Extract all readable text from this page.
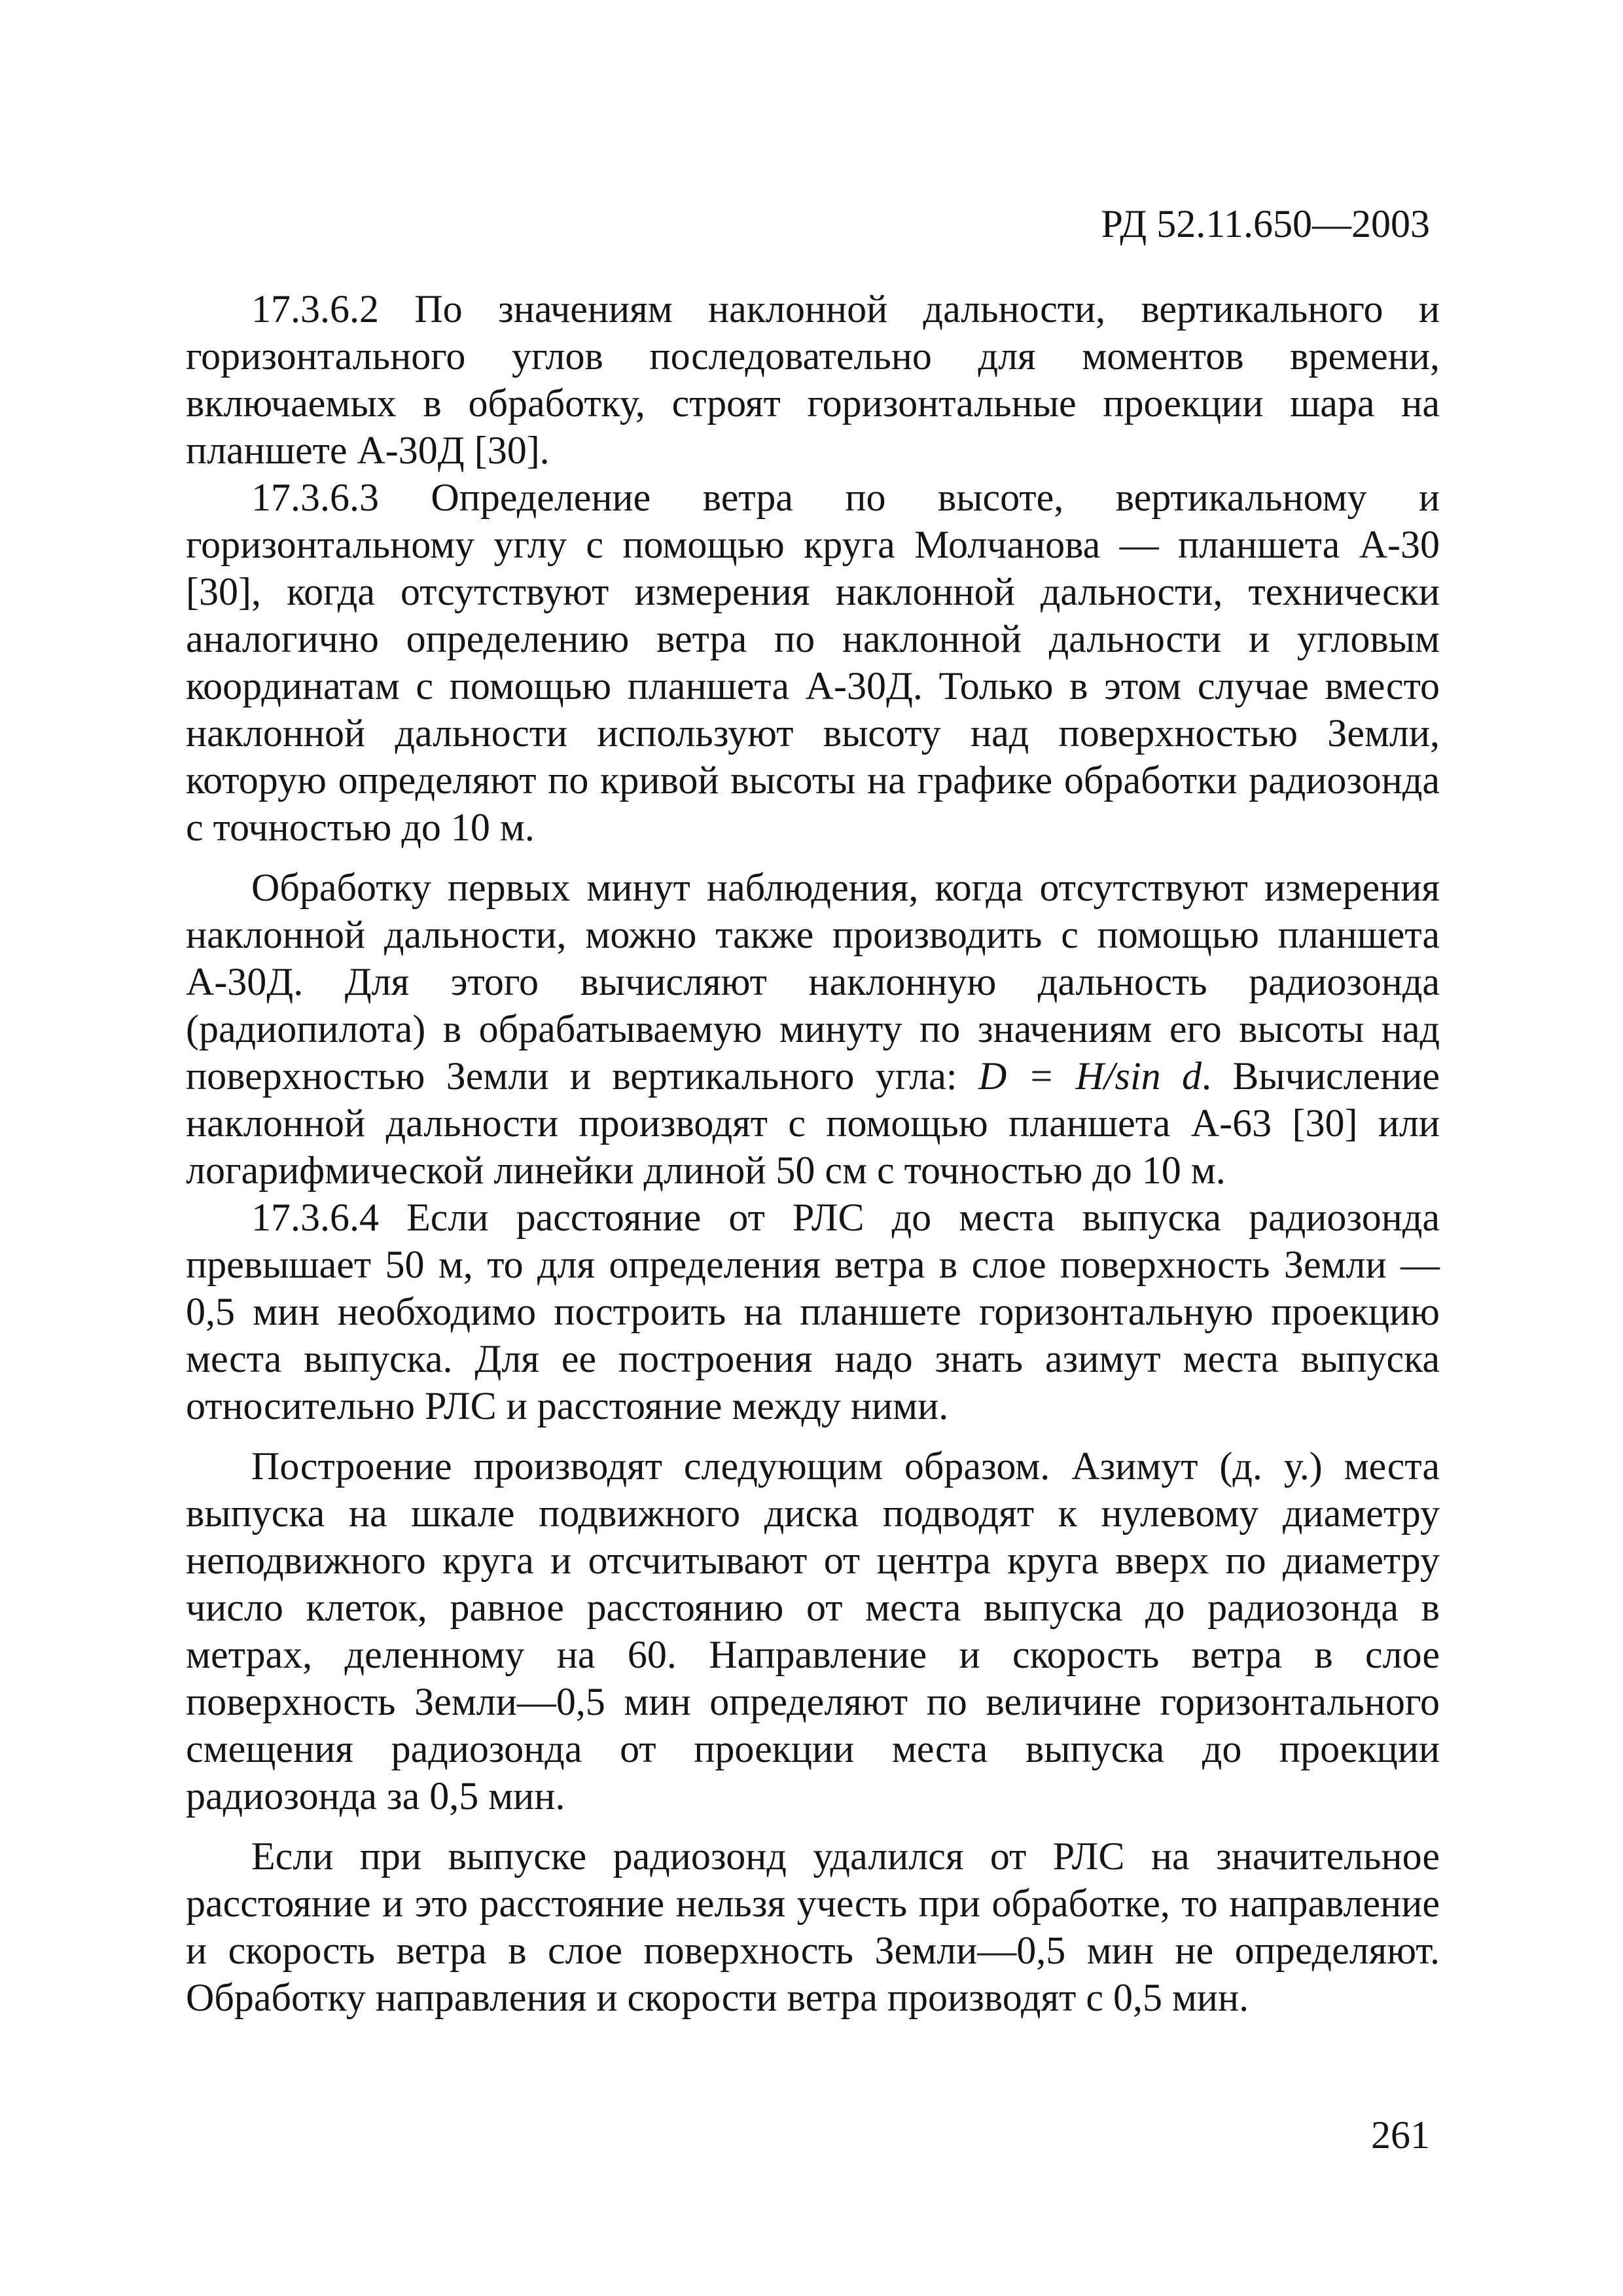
РД 52.11.650—2003

17.3.6.2 По значениям наклонной дальности, вертикального и горизонтального углов последовательно для моментов времени, включаемых в обработку, строят горизонтальные проекции шара на планшете А-30Д [30].

17.3.6.3 Определение ветра по высоте, вертикальному и горизонтальному углу с помощью круга Молчанова — планшета А-30 [30], когда отсутствуют измерения наклонной дальности, технически аналогично определению ветра по наклонной дальности и угловым координатам с помощью планшета А-30Д. Только в этом случае вместо наклонной дальности используют высоту над поверхностью Земли, которую определяют по кривой высоты на графике обработки радиозонда с точностью до 10 м.

Обработку первых минут наблюдения, когда отсутствуют измерения наклонной дальности, можно также производить с помощью планшета А-30Д. Для этого вычисляют наклонную дальность радиозонда (радиопилота) в обрабатываемую минуту по значениям его высоты над поверхностью Земли и вертикального угла: D = H/sin d. Вычисление наклонной дальности производят с помощью планшета А-63 [30] или логарифмической линейки длиной 50 см с точностью до 10 м.

17.3.6.4 Если расстояние от РЛС до места выпуска радиозонда превышает 50 м, то для определения ветра в слое поверхность Земли — 0,5 мин необходимо построить на планшете горизонтальную проекцию места выпуска. Для ее построения надо знать азимут места выпуска относительно РЛС и расстояние между ними.

Построение производят следующим образом. Азимут (д. у.) места выпуска на шкале подвижного диска подводят к нулевому диаметру неподвижного круга и отсчитывают от центра круга вверх по диаметру число клеток, равное расстоянию от места выпуска до радиозонда в метрах, деленному на 60. Направление и скорость ветра в слое поверхность Земли—0,5 мин определяют по величине горизонтального смещения радиозонда от проекции места выпуска до проекции радиозонда за 0,5 мин.

Если при выпуске радиозонд удалился от РЛС на значительное расстояние и это расстояние нельзя учесть при обработке, то направление и скорость ветра в слое поверхность Земли—0,5 мин не определяют. Обработку направления и скорости ветра производят с 0,5 мин.

261
